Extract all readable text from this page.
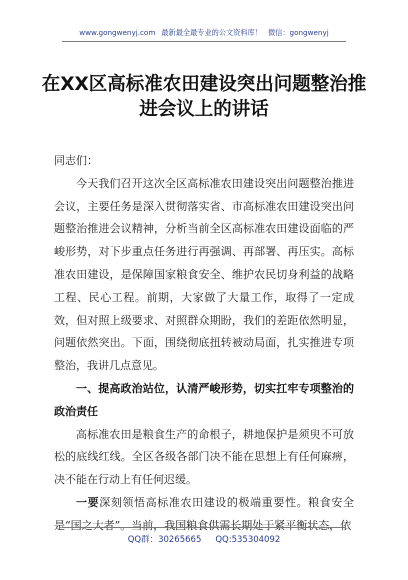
www.gongwenyj.com 最新最全最专业的公文资料库！ 微信：gongwenyj
在XX区高标准农田建设突出问题整治推
进会议上的讲话

同志们：

今天我们召开这次全区高标准农田建设突出问题整治推进会议，主要任务是深入贯彻落实省、市高标准农田建设突出问题整治推进会议精神，分析当前全区高标准农田建设面临的严峻形势，对下步重点任务进行再强调、再部署、再压实。高标准农田建设，是保障国家粮食安全、维护农民切身利益的战略工程、民心工程。前期，大家做了大量工作，取得了一定成效，但对照上级要求、对照群众期盼，我们的差距依然明显，问题依然突出。下面，围绕彻底扭转被动局面，扎实推进专项整治，我讲几点意见。

一、提高政治站位，认清严峻形势，切实扛牢专项整治的政治责任

高标准农田是粮食生产的命根子，耕地保护是须臾不可放松的底线红线。全区各级各部门决不能在思想上有任何麻痹，决不能在行动上有任何迟缓。

一要深刻领悟高标准农田建设的极端重要性。粮食安全是“国之大者”。当前，我国粮食供需长期处于紧平衡状态，依

QQ群：30265665 QQ:535304092
